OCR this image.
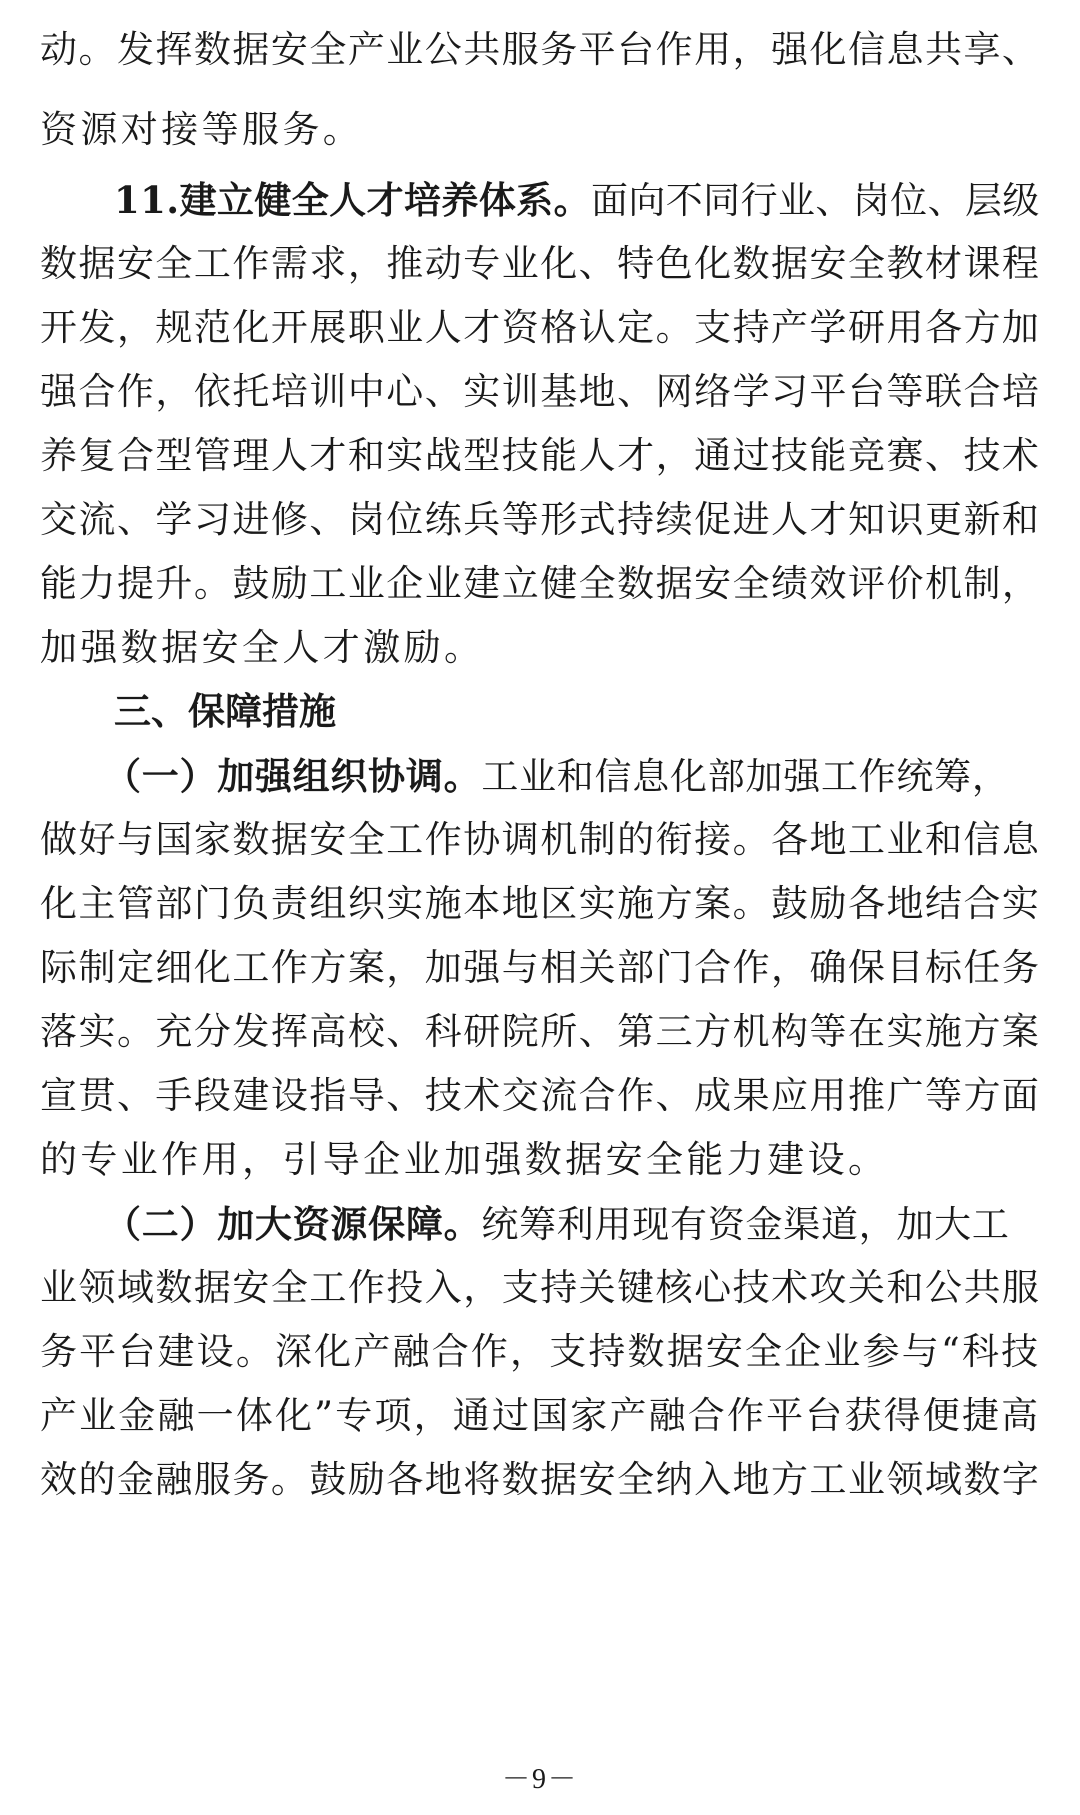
动。发挥数据安全产业公共服务平台作用，强化信息共享、
资源对接等服务。
11.建立健全人才培养体系。面向不同行业、岗位、层级
数据安全工作需求，推动专业化、特色化数据安全教材课程
开发，规范化开展职业人才资格认定。支持产学研用各方加
强合作，依托培训中心、实训基地、网络学习平台等联合培
养复合型管理人才和实战型技能人才，通过技能竞赛、技术
交流、学习进修、岗位练兵等形式持续促进人才知识更新和
能力提升。鼓励工业企业建立健全数据安全绩效评价机制，
加强数据安全人才激励。
三、保障措施
（一）加强组织协调。工业和信息化部加强工作统筹，
做好与国家数据安全工作协调机制的衔接。各地工业和信息
化主管部门负责组织实施本地区实施方案。鼓励各地结合实
际制定细化工作方案，加强与相关部门合作，确保目标任务
落实。充分发挥高校、科研院所、第三方机构等在实施方案
宣贯、手段建设指导、技术交流合作、成果应用推广等方面
的专业作用，引导企业加强数据安全能力建设。
（二）加大资源保障。统筹利用现有资金渠道，加大工
业领域数据安全工作投入，支持关键核心技术攻关和公共服
务平台建设。深化产融合作，支持数据安全企业参与“科技
产业金融一体化”专项，通过国家产融合作平台获得便捷高
效的金融服务。鼓励各地将数据安全纳入地方工业领域数字
－9－
